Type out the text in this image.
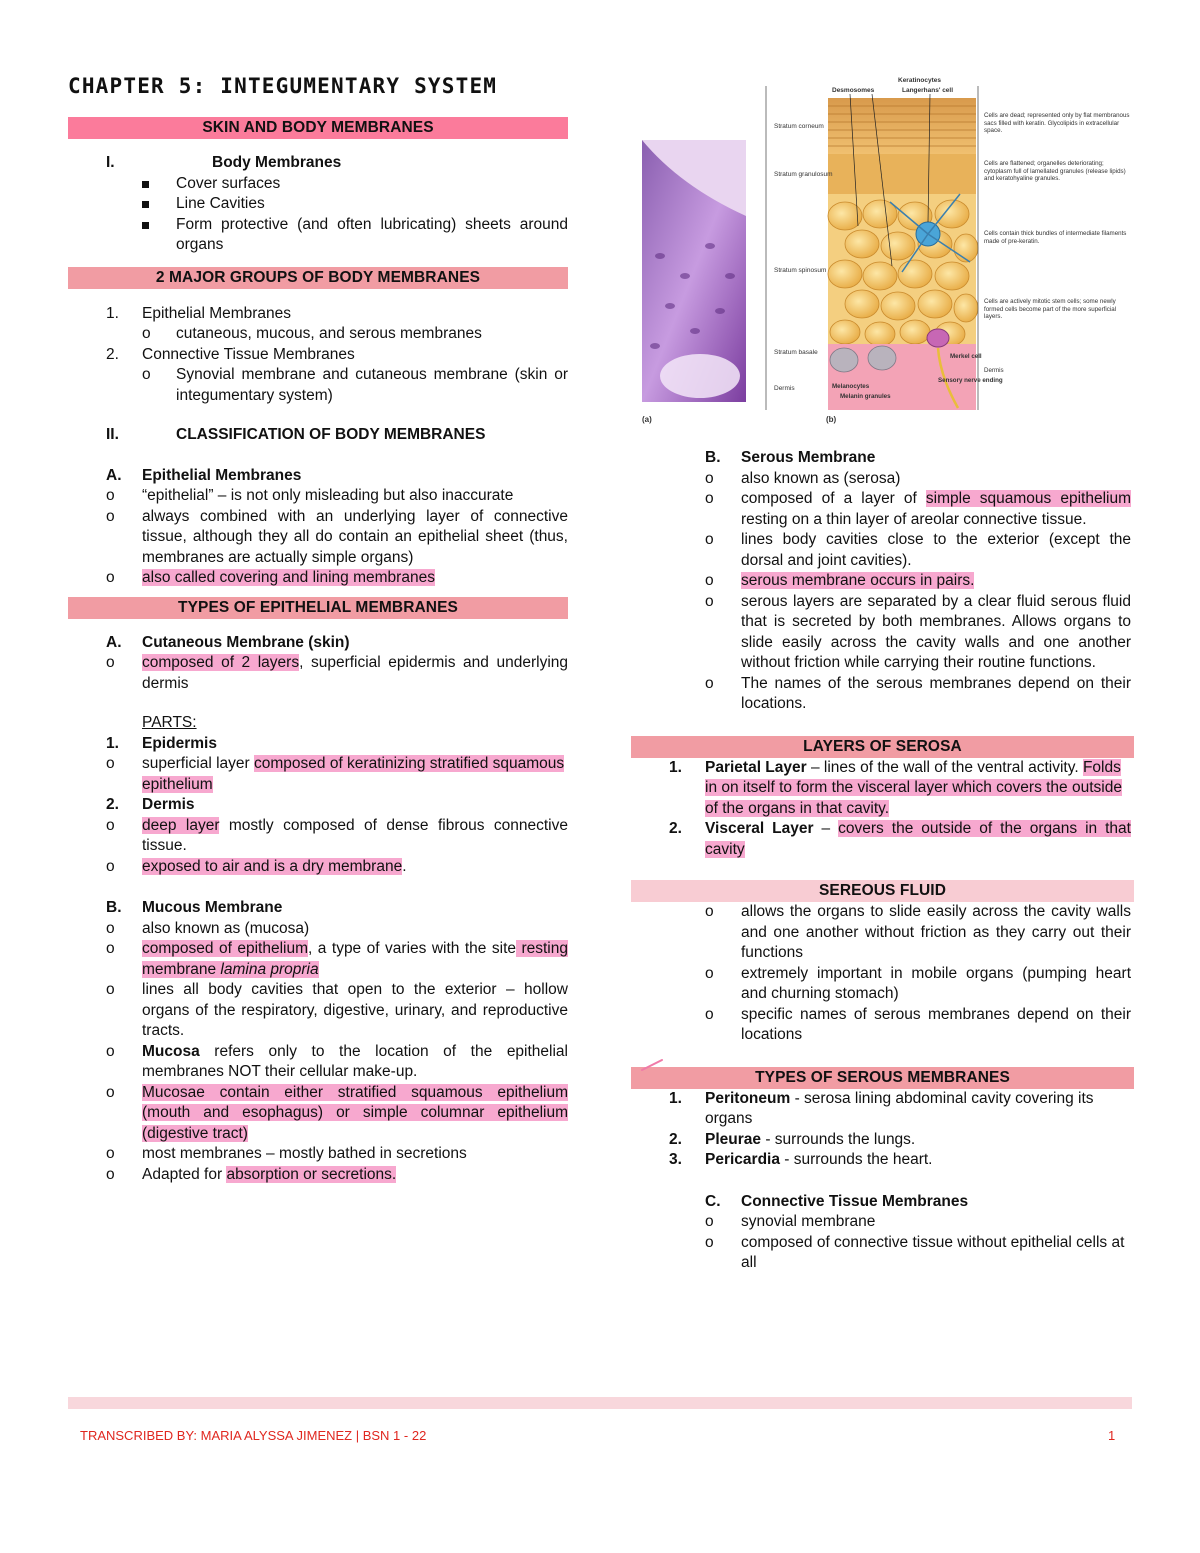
CHAPTER 5: INTEGUMENTARY SYSTEM
SKIN AND BODY MEMBRANES
I.	Body Membranes
Cover surfaces
Line Cavities
Form protective (and often lubricating) sheets around organs
2 MAJOR GROUPS OF BODY MEMBRANES
1.	Epithelial Membranes
o	cutaneous, mucous, and serous membranes
2.	Connective Tissue Membranes
o	Synovial membrane and cutaneous membrane (skin or integumentary system)
II.	CLASSIFICATION OF BODY MEMBRANES
A.	Epithelial Membranes
o	“epithelial” – is not only misleading but also inaccurate
o	always combined with an underlying layer of connective tissue, although they all do contain an epithelial sheet (thus, membranes are actually simple organs)
o	also called covering and lining membranes
TYPES OF EPITHELIAL MEMBRANES
A.	Cutaneous Membrane (skin)
o	composed of 2 layers, superficial epidermis and underlying dermis
PARTS:
1.	Epidermis
o	superficial layer composed of keratinizing stratified squamous epithelium
2.	Dermis
o	deep layer mostly composed of dense fibrous connective tissue.
o	exposed to air and is a dry membrane.
B.	Mucous Membrane
o	also known as (mucosa)
o	composed of epithelium, a type of varies with the site resting membrane lamina propria
o	lines all body cavities that open to the exterior – hollow organs of the respiratory, digestive, urinary, and reproductive tracts.
o	Mucosa refers only to the location of the epithelial membranes NOT their cellular make-up.
o	Mucosae contain either stratified squamous epithelium (mouth and esophagus) or simple columnar epithelium (digestive tract)
o	most membranes – mostly bathed in secretions
o	Adapted for absorption or secretions.
(a)	(b)
Stratum corneum
Stratum granulosum
Stratum spinosum
Stratum basale
Dermis
Keratinocytes
Desmosomes	Langerhans' cell
Cells are dead; represented only by flat membranous sacs filled with keratin. Glycolipids in extracellular space.
Cells are flattened; organelles deteriorating; cytoplasm full of lamellated granules (release lipids) and keratohyaline granules.
Cells contain thick bundles of intermediate filaments made of pre-keratin.
Cells are actively mitotic stem cells; some newly formed cells become part of the more superficial layers.
Dermis
Melanocytes
Melanin granules
Merkel cell
Sensory nerve ending
B.	Serous Membrane
o	also known as (serosa)
o	composed of a layer of simple squamous epithelium resting on a thin layer of areolar connective tissue.
o	lines body cavities close to the exterior (except the dorsal and joint cavities).
o	serous membrane occurs in pairs.
o	serous layers are separated by a clear fluid serous fluid that is secreted by both membranes. Allows organs to slide easily across the cavity walls and one another without friction while carrying their routine functions.
o	The names of the serous membranes depend on their locations.
LAYERS OF SEROSA
1.	Parietal Layer – lines of the wall of the ventral activity. Folds in on itself to form the visceral layer which covers the outside of the organs in that cavity.
2.	Visceral Layer – covers the outside of the organs in that cavity
SEREOUS FLUID
o	allows the organs to slide easily across the cavity walls and one another without friction as they carry out their functions
o	extremely important in mobile organs (pumping heart and churning stomach)
o	specific names of serous membranes depend on their locations
TYPES OF SEROUS MEMBRANES
1.	Peritoneum - serosa lining abdominal cavity covering its organs
2.	Pleurae - surrounds the lungs.
3.	Pericardia - surrounds the heart.
C.	Connective Tissue Membranes
o	synovial membrane
o	composed of connective tissue without epithelial cells at all
TRANSCRIBED BY: MARIA ALYSSA JIMENEZ | BSN 1 - 22	1
